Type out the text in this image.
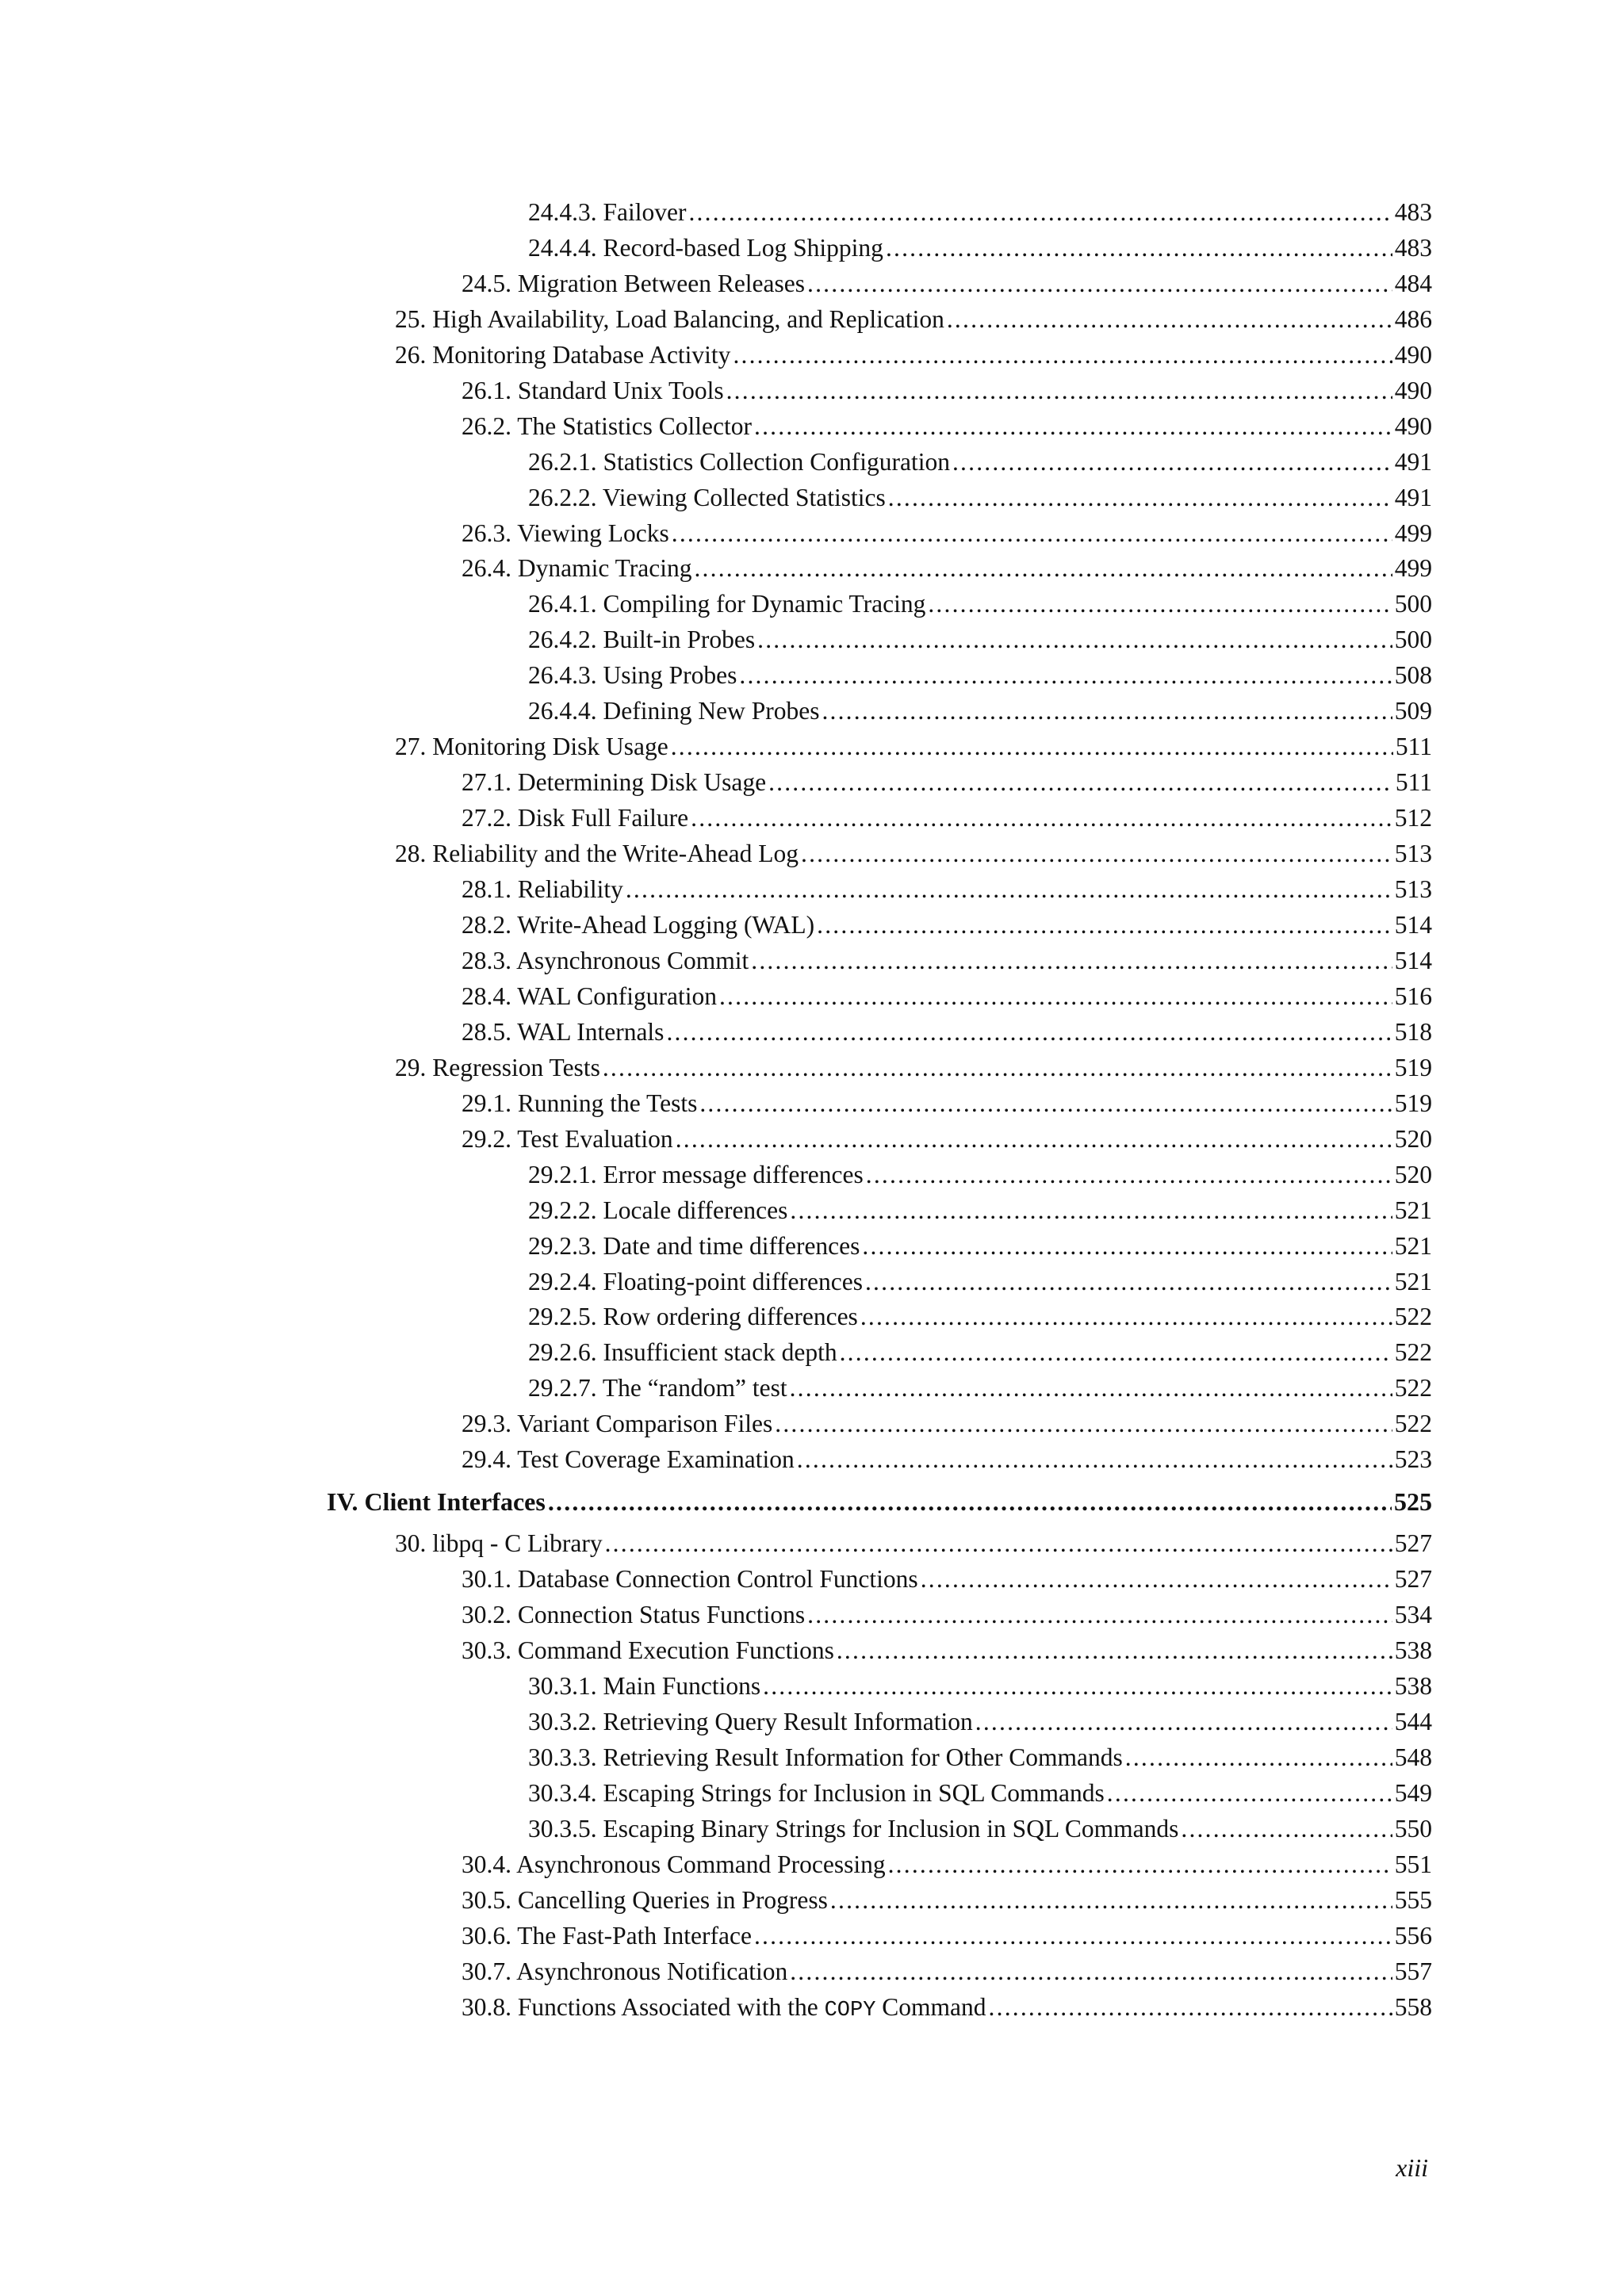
24.4.3. Failover .....	483
24.4.4. Record-based Log Shipping .....	483
24.5. Migration Between Releases .....	484
25. High Availability, Load Balancing, and Replication .....	486
26. Monitoring Database Activity .....	490
26.1. Standard Unix Tools .....	490
26.2. The Statistics Collector .....	490
26.2.1. Statistics Collection Configuration .....	491
26.2.2. Viewing Collected Statistics .....	491
26.3. Viewing Locks .....	499
26.4. Dynamic Tracing .....	499
26.4.1. Compiling for Dynamic Tracing .....	500
26.4.2. Built-in Probes .....	500
26.4.3. Using Probes .....	508
26.4.4. Defining New Probes .....	509
27. Monitoring Disk Usage .....	511
27.1. Determining Disk Usage .....	511
27.2. Disk Full Failure .....	512
28. Reliability and the Write-Ahead Log .....	513
28.1. Reliability .....	513
28.2. Write-Ahead Logging (WAL) .....	514
28.3. Asynchronous Commit .....	514
28.4. WAL Configuration .....	516
28.5. WAL Internals .....	518
29. Regression Tests .....	519
29.1. Running the Tests .....	519
29.2. Test Evaluation .....	520
29.2.1. Error message differences .....	520
29.2.2. Locale differences .....	521
29.2.3. Date and time differences .....	521
29.2.4. Floating-point differences .....	521
29.2.5. Row ordering differences .....	522
29.2.6. Insufficient stack depth .....	522
29.2.7. The “random” test .....	522
29.3. Variant Comparison Files .....	522
29.4. Test Coverage Examination .....	523
IV. Client Interfaces .....	525
30. libpq - C Library .....	527
30.1. Database Connection Control Functions .....	527
30.2. Connection Status Functions .....	534
30.3. Command Execution Functions .....	538
30.3.1. Main Functions .....	538
30.3.2. Retrieving Query Result Information .....	544
30.3.3. Retrieving Result Information for Other Commands .....	548
30.3.4. Escaping Strings for Inclusion in SQL Commands .....	549
30.3.5. Escaping Binary Strings for Inclusion in SQL Commands .....	550
30.4. Asynchronous Command Processing .....	551
30.5. Cancelling Queries in Progress .....	555
30.6. The Fast-Path Interface .....	556
30.7. Asynchronous Notification .....	557
30.8. Functions Associated with the COPY Command .....	558
xiii
